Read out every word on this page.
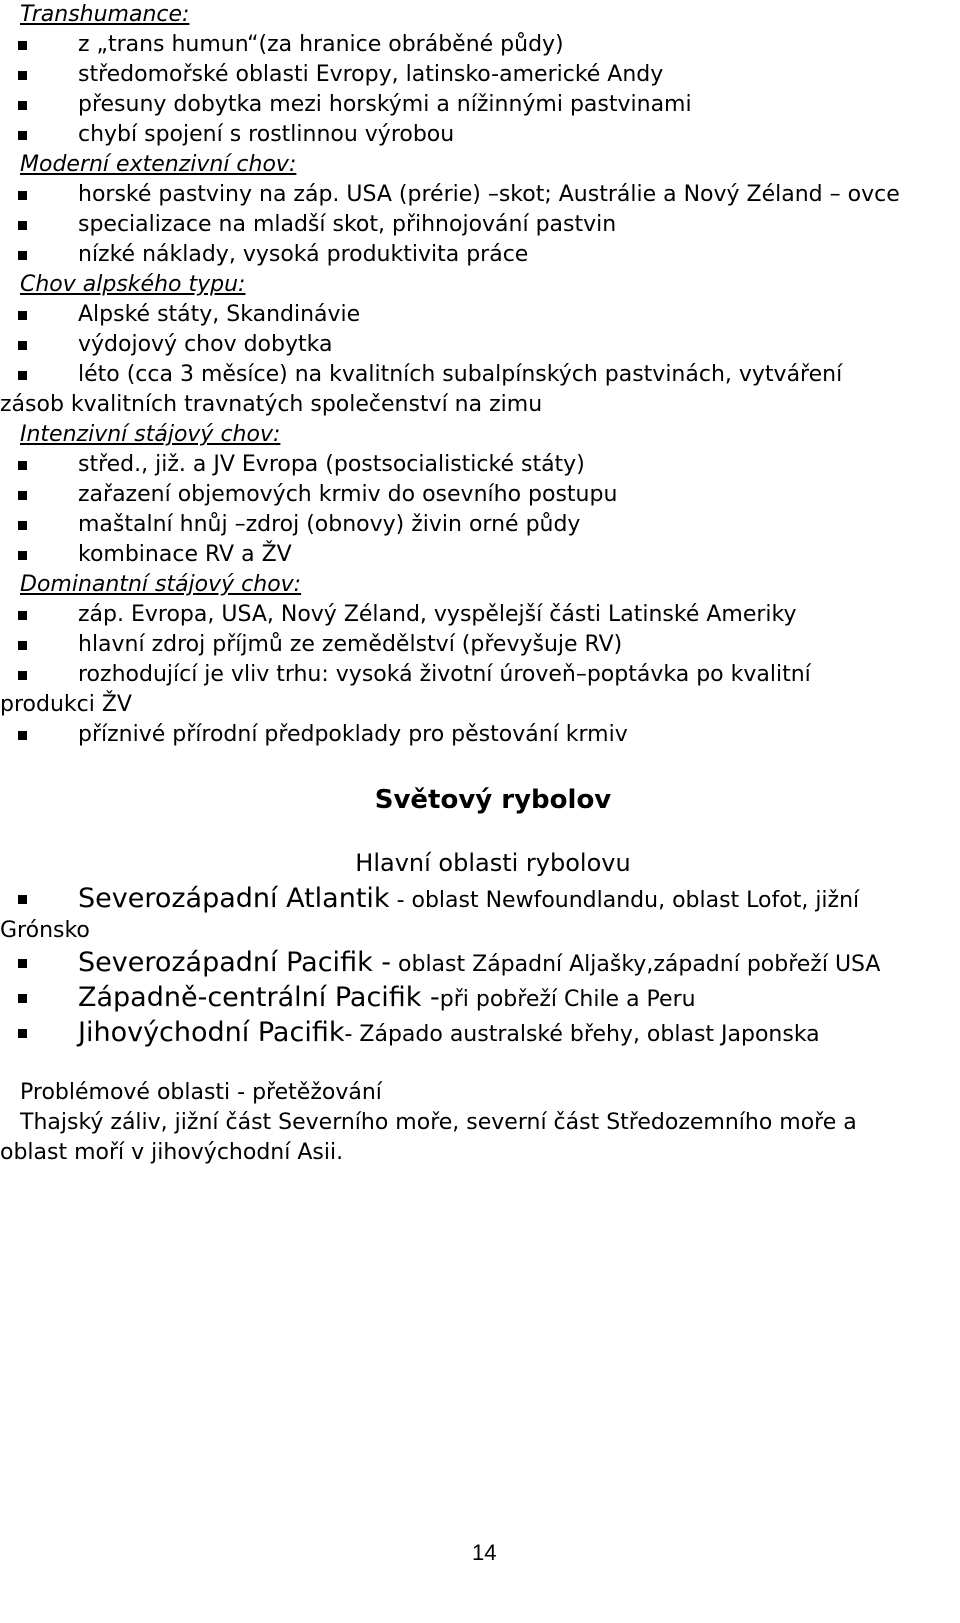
Transhumance:
z „trans humun“(za hranice obráběné půdy)
středomořské oblasti Evropy, latinsko-americké Andy
přesuny dobytka mezi horskými a nížinnými pastvinami
chybí spojení s rostlinnou výrobou
Moderní extenzivní chov:
horské pastviny na záp. USA (prérie) –skot; Austrálie a Nový Zéland – ovce
specializace na mladší skot, přihnojování pastvin
nízké náklady, vysoká produktivita práce
Chov alpského typu:
Alpské státy, Skandinávie
výdojový chov dobytka
léto (cca 3 měsíce) na kvalitních subalpínských pastvinách, vytváření
zásob kvalitních travnatých společenství na zimu
Intenzivní stájový chov:
střed., již. a JV Evropa (postsocialistické státy)
zařazení objemových krmiv do osevního postupu
maštalní hnůj –zdroj (obnovy) živin orné půdy
kombinace RV a ŽV
Dominantní stájový chov:
záp. Evropa, USA, Nový Zéland, vyspělejší části Latinské Ameriky
hlavní zdroj příjmů ze zemědělství (převyšuje RV)
rozhodující je vliv trhu: vysoká životní úroveň–poptávka po kvalitní
produkci ŽV
příznivé přírodní předpoklady pro pěstování krmiv
Světový rybolov
Hlavní oblasti rybolovu
Severozápadní Atlantik - oblast Newfoundlandu, oblast Lofot, jižní
Grónsko
Severozápadní Pacifik - oblast Západní Aljašky,západní pobřeží USA
Západně-centrální Pacifik -při pobřeží Chile a Peru
Jihovýchodní Pacifik- Západo australské břehy, oblast Japonska
Problémové oblasti - přetěžování
Thajský záliv, jižní část Severního moře, severní část Středozemního moře a
oblast moří v jihovýchodní Asii.
14
